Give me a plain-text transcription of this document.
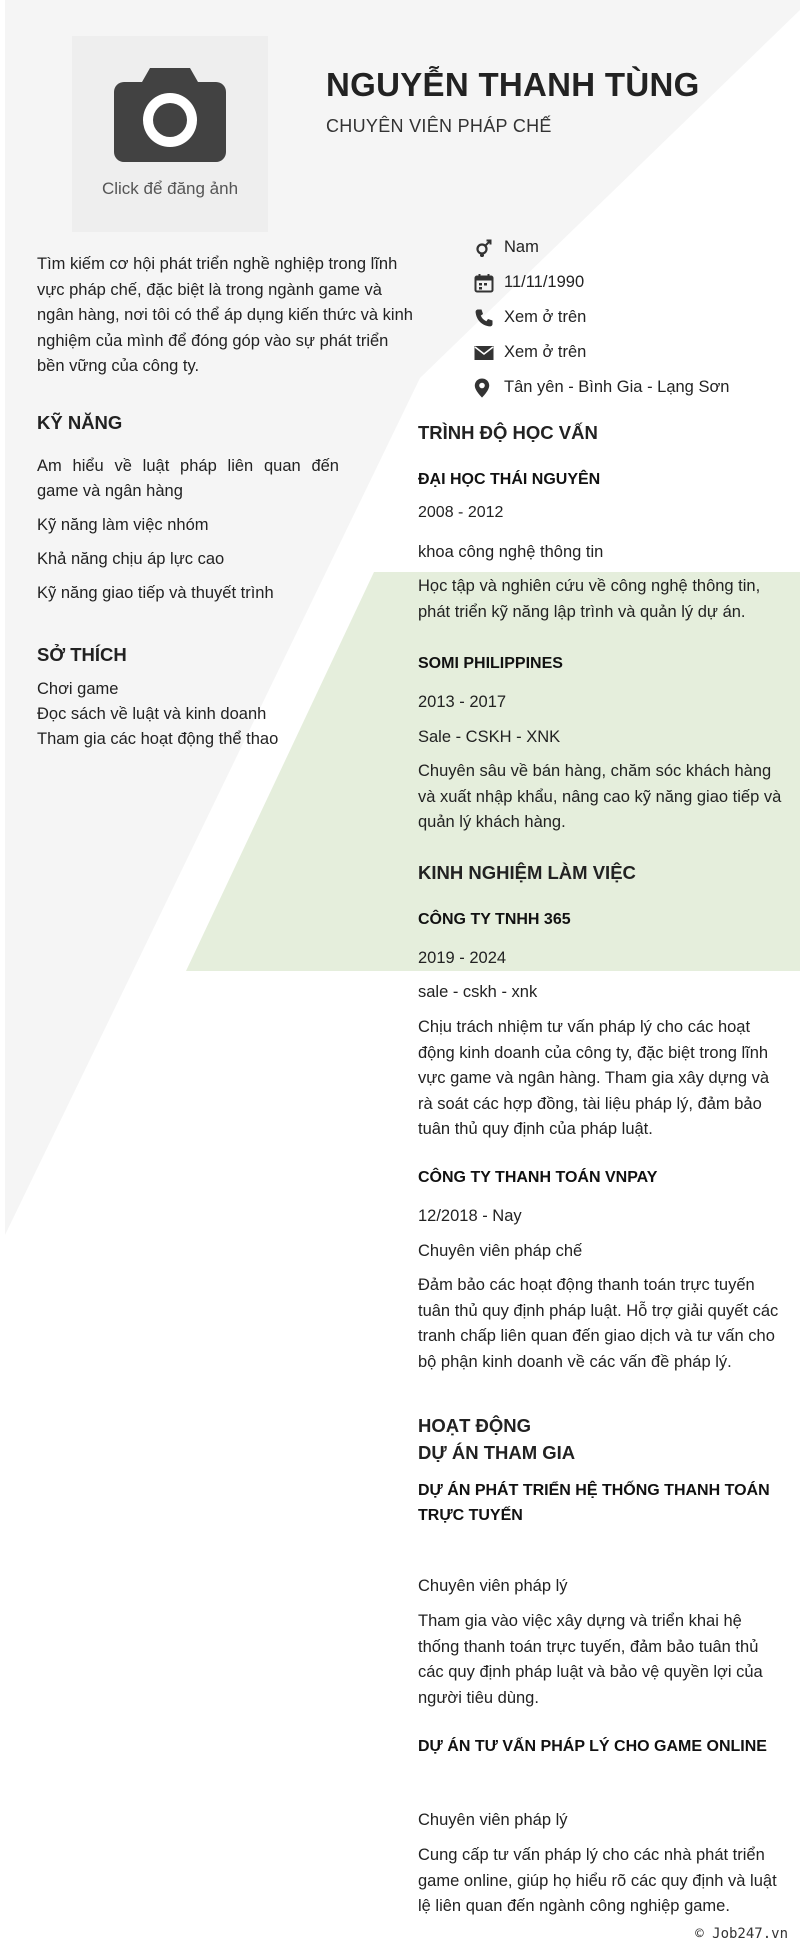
Click để đăng ảnh
NGUYỄN THANH TÙNG
CHUYÊN VIÊN PHÁP CHẾ
Tìm kiếm cơ hội phát triển nghề nghiệp trong lĩnh vực pháp chế, đặc biệt là trong ngành game và ngân hàng, nơi tôi có thể áp dụng kiến thức và kinh nghiệm của mình để đóng góp vào sự phát triển bền vững của công ty.
Nam
11/11/1990
Xem ở trên
Xem ở trên
Tân yên - Bình Gia - Lạng Sơn
KỸ NĂNG

Am hiểu về luật pháp liên quan đến game và ngân hàng

Kỹ năng làm việc nhóm

Khả năng chịu áp lực cao

Kỹ năng giao tiếp và thuyết trình

SỞ THÍCH

Chơi game

Đọc sách về luật và kinh doanh

Tham gia các hoạt động thể thao

TRÌNH ĐỘ HỌC VẤN
ĐẠI HỌC THÁI NGUYÊN
2008 - 2012
khoa công nghệ thông tin
Học tập và nghiên cứu về công nghệ thông tin, phát triển kỹ năng lập trình và quản lý dự án.
SOMI PHILIPPINES
2013 - 2017
Sale - CSKH - XNK
Chuyên sâu về bán hàng, chăm sóc khách hàng và xuất nhập khẩu, nâng cao kỹ năng giao tiếp và quản lý khách hàng.
KINH NGHIỆM LÀM VIỆC
CÔNG TY TNHH 365
2019 - 2024
sale - cskh - xnk
Chịu trách nhiệm tư vấn pháp lý cho các hoạt động kinh doanh của công ty, đặc biệt trong lĩnh vực game và ngân hàng. Tham gia xây dựng và rà soát các hợp đồng, tài liệu pháp lý, đảm bảo tuân thủ quy định của pháp luật.
CÔNG TY THANH TOÁN VNPAY
12/2018 - Nay
Chuyên viên pháp chế
Đảm bảo các hoạt động thanh toán trực tuyến tuân thủ quy định pháp luật. Hỗ trợ giải quyết các tranh chấp liên quan đến giao dịch và tư vấn cho bộ phận kinh doanh về các vấn đề pháp lý.
HOẠT ĐỘNG
DỰ ÁN THAM GIA
DỰ ÁN PHÁT TRIỂN HỆ THỐNG THANH TOÁN TRỰC TUYẾN
Chuyên viên pháp lý
Tham gia vào việc xây dựng và triển khai hệ thống thanh toán trực tuyến, đảm bảo tuân thủ các quy định pháp luật và bảo vệ quyền lợi của người tiêu dùng.
DỰ ÁN TƯ VẤN PHÁP LÝ CHO GAME ONLINE
Chuyên viên pháp lý
Cung cấp tư vấn pháp lý cho các nhà phát triển game online, giúp họ hiểu rõ các quy định và luật lệ liên quan đến ngành công nghiệp game.
© Job247.vn
